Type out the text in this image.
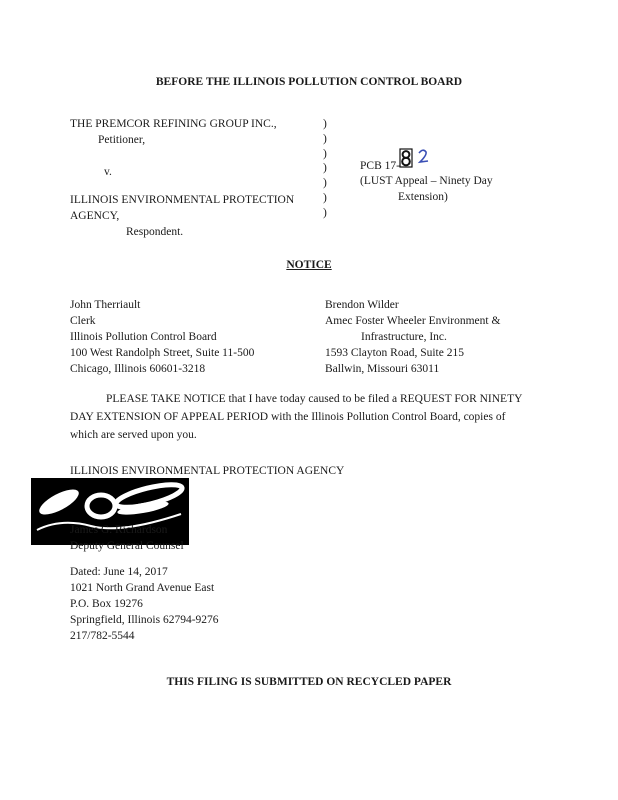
BEFORE THE ILLINOIS POLLUTION CONTROL BOARD
THE PREMCOR REFINING GROUP INC.,
Petitioner,
v.
ILLINOIS ENVIRONMENTAL PROTECTION
AGENCY,
Respondent.
)
)
)
)
)
)
)
PCB 17-
(LUST Appeal – Ninety Day
Extension)
NOTICE
John Therriault
Clerk
Illinois Pollution Control Board
100 West Randolph Street, Suite 11-500
Chicago, Illinois 60601-3218
Brendon Wilder
Amec Foster Wheeler Environment &
Infrastructure, Inc.
1593 Clayton Road, Suite 215
Ballwin, Missouri 63011
PLEASE TAKE NOTICE that I have today caused to be filed a REQUEST FOR NINETY
DAY EXTENSION OF APPEAL PERIOD with the Illinois Pollution Control Board, copies of
which are served upon you.
ILLINOIS ENVIRONMENTAL PROTECTION AGENCY
James G. Richardson
Deputy General Counsel
Dated: June 14, 2017
1021 North Grand Avenue East
P.O. Box 19276
Springfield, Illinois 62794-9276
217/782-5544
THIS FILING IS SUBMITTED ON RECYCLED PAPER
